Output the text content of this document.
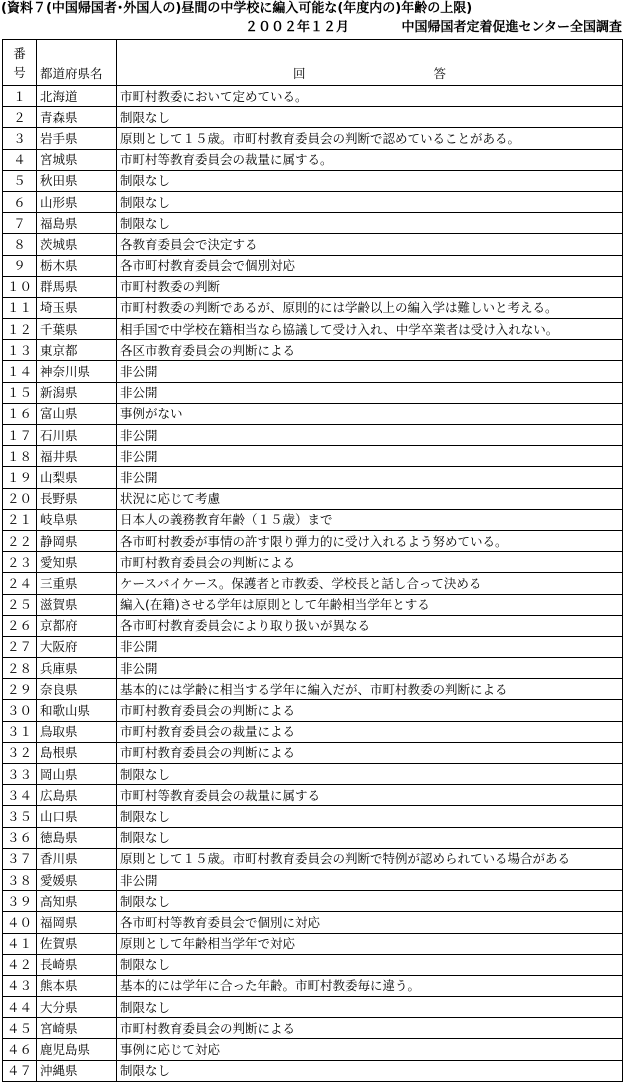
(資料７(中国帰国者･外国人の)昼間の中学校に編入可能な(年度内の)年齢の上限)
２００２年１２月	中国帰国者定着促進センター全国調査
番
号	都道府県名	回 答
１	北海道	市町村教委において定めている。
２	青森県	制限なし
３	岩手県	原則として１５歳。市町村教育委員会の判断で認めていることがある。
４	宮城県	市町村等教育委員会の裁量に属する。
５	秋田県	制限なし
６	山形県	制限なし
７	福島県	制限なし
８	茨城県	各教育委員会で決定する
９	栃木県	各市町村教育委員会で個別対応
１０	群馬県	市町村教委の判断
１１	埼玉県	市町村教委の判断であるが、原則的には学齢以上の編入学は難しいと考える。
１２	千葉県	相手国で中学校在籍相当なら協議して受け入れ、中学卒業者は受け入れない。
１３	東京都	各区市教育委員会の判断による
１４	神奈川県	非公開
１５	新潟県	非公開
１６	富山県	事例がない
１７	石川県	非公開
１８	福井県	非公開
１９	山梨県	非公開
２０	長野県	状況に応じて考慮
２１	岐阜県	日本人の義務教育年齢（１５歳）まで
２２	静岡県	各市町村教委が事情の許す限り弾力的に受け入れるよう努めている。
２３	愛知県	市町村教育委員会の判断による
２４	三重県	ケースバイケース。保護者と市教委、学校長と話し合って決める
２５	滋賀県	編入(在籍)させる学年は原則として年齢相当学年とする
２６	京都府	各市町村教育委員会により取り扱いが異なる
２７	大阪府	非公開
２８	兵庫県	非公開
２９	奈良県	基本的には学齢に相当する学年に編入だが、市町村教委の判断による
３０	和歌山県	市町村教育委員会の判断による
３１	鳥取県	市町村教育委員会の裁量による
３２	島根県	市町村教育委員会の判断による
３３	岡山県	制限なし
３４	広島県	市町村等教育委員会の裁量に属する
３５	山口県	制限なし
３６	徳島県	制限なし
３７	香川県	原則として１５歳。市町村教育委員会の判断で特例が認められている場合がある
３８	愛媛県	非公開
３９	高知県	制限なし
４０	福岡県	各市町村等教育委員会で個別に対応
４１	佐賀県	原則として年齢相当学年で対応
４２	長崎県	制限なし
４３	熊本県	基本的には学年に合った年齢。市町村教委毎に違う。
４４	大分県	制限なし
４５	宮崎県	市町村教育委員会の判断による
４６	鹿児島県	事例に応じて対応
４７	沖縄県	制限なし
